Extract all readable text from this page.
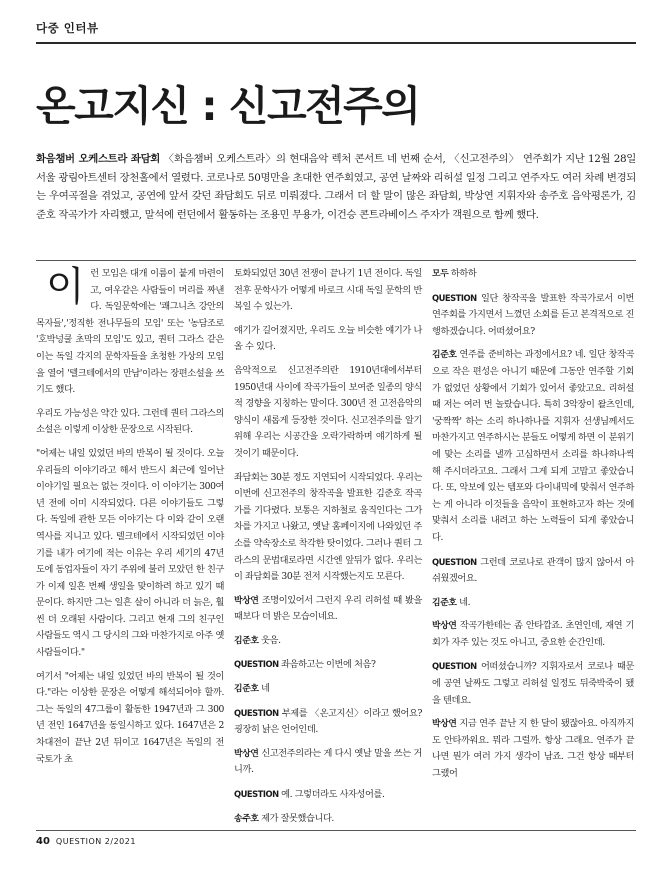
다중 인터뷰
온고지신 : 신고전주의
화음챔버 오케스트라 좌담회 〈화음챔버 오케스트라〉의 현대음악 렉처 콘서트 네 번째 순서, 〈신고전주의〉 연주회가 지난 12월 28일 서울 광림아트센터 장천홀에서 열렸다. 코로나로 50명만을 초대한 연주회였고, 공연 날짜와 리허설 일정 그리고 연주자도 여러 차례 변경되는 우여곡절을 겪었고, 공연에 앞서 갖던 좌담회도 뒤로 미뤄졌다. 그래서 더 할 말이 많은 좌담회, 박상연 지휘자와 송주호 음악평론가, 김준호 작곡가가 자리했고, 말석에 런던에서 활동하는 조용민 무용가, 이건승 콘트라베이스 주자가 객원으로 함께 했다.

이런 모임은 대개 이름이 붙게 마련이고, 여우같은 사람들이 머리를 짜낸다. 독일문학에는 '쾌그니츠 강안의 목자들','정직한 전나무들의 모임' 또는 '농담조로 '호박넝쿨 초막의 모임'도 있고, 퀀터 그라스 같은 이는 독일 각지의 문학자들을 초청한 가상의 모임을 열어 '텔크테에서의 만남'이라는 장편소설을 쓰기도 했다.

우리도 가능성은 약간 있다. 그런데 퀀터 그라스의 소설은 이렇게 이상한 문장으로 시작된다.

"어제는 내일 있었던 바의 반복이 될 것이다. 오늘 우리들의 이야기라고 해서 반드시 최근에 일어난 이야기일 필요는 없는 것이다. 이 이야기는 300여 년 전에 이미 시작되었다. 다른 이야기들도 그렇다. 독일에 관한 모든 이야기는 다 이와 같이 오랜 역사를 지니고 있다. 텔크테에서 시작되었던 이야기를 내가 여기에 적는 이유는 우리 세기의 47년도에 동업자들이 자기 주위에 불러 모았던 한 친구가 이제 일흔 번째 생일을 맞이하려 하고 있기 때문이다. 하지만 그는 일흔 살이 아니라 더 늙은, 훨씬 더 오래된 사람이다. 그리고 현재 그의 친구인 사람들도 역시 그 당시의 그와 마찬가지로 아주 옛 사람들이다."

여기서 "어제는 내일 있었던 바의 반복이 될 것이다."라는 이상한 문장은 어떻게 해석되어야 할까. 그는 독일의 47그룹이 활동한 1947년과 그 300년 전인 1647년을 동일시하고 있다. 1647년은 2차대전이 끝난 2년 뒤이고 1647년은 독일의 전 국토가 초

토화되었던 30년 전쟁이 끝나기 1년 전이다. 독일 전후 문학사가 어떻게 바로크 시대 독일 문학의 반복일 수 있는가.

얘기가 길어졌지만, 우리도 오늘 비슷한 얘기가 나올 수 있다.

음악적으로 신고전주의란 1910년대에서부터 1950년대 사이에 작곡가들이 보여준 일종의 양식적 경향을 지칭하는 말이다. 300년 전 고전음악의 양식이 새롭게 등장한 것이다. 신고전주의를 알기 위해 우리는 시공간을 오락가락하며 얘기하게 될 것이기 때문이다.

좌담회는 30분 정도 지연되어 시작되었다. 우리는 이번에 신고전주의 창작곡을 발표한 김준호 작곡가를 기다렸다. 보통은 지하철로 움직인다는 그가 차를 가지고 나왔고, 옛날 홈페이지에 나와있던 주소를 약속장소로 착각한 탓이었다. 그러나 퀀터 그라스의 문법대로라면 시간엔 앞뒤가 없다. 우리는 이 좌담회를 30분 전저 시작했는지도 모른다.

박상연 조명이있어서 그런지 우리 리허설 때 봤을 때보다 더 밝은 모습이네요.

김준호 웃음.

QUESTION 좌음하고는 이번에 처음?

김준호 네

QUESTION 부제를 〈온고지신〉이라고 했어요? 굉장히 낡은 언어인데.

박상연 신고전주의라는 게 다시 옛날 말을 쓰는 거니까.

QUESTION 예. 그렇더라도 사자성어를.

송주호 제가 잘못했습니다.

모두 하하하

QUESTION 일단 창작곡을 발표한 작곡가로서 이번 연주회를 가지면서 느꼈던 소회를 듣고 본격적으로 진행하겠습니다. 어떠셨어요?

김준호 연주를 준비하는 과정에서요? 네. 일단 창작곡으로 작은 편성은 아니기 때문에 그동안 연주할 기회가 없었던 상황에서 기회가 있어서 좋았고요. 리허설 때 저는 여러 번 놀랐습니다. 특히 3악장이 왈츠인데, '궁짝짝' 하는 소리 하나하나를 지휘자 선생님께서도 마찬가지고 연주하시는 분들도 어떻게 하면 이 분위기에 맞는 소리를 낼까 고심하면서 소리를 하나하나씩 해 주시더라고요. 그래서 그게 되게 고맙고 좋았습니다. 또, 악보에 있는 템포와 다이내믹에 맞춰서 연주하는 게 아니라 이것들을 음악이 표현하고자 하는 것에 맞춰서 소리를 내려고 하는 노력들이 되게 좋았습니다.

QUESTION 그런데 코로나로 관객이 많지 않아서 아쉬웠겠어요.

김준호 네.

박상연 작곡가한테는 좀 안타깝죠. 초연인데, 재연 기회가 자주 있는 것도 아니고, 중요한 순간인데.

QUESTION 어떠셨습니까? 지휘자로서 코로나 때문에 공연 날짜도 그렇고 리허설 일정도 뒤죽박죽이 됐을 텐데요.

박상연 지금 연주 끝난 지 한 달이 됐잖아요. 아직까지도 안타까워요. 뭐라 그럴까. 항상 그래요. 연주가 끝나면 뭔가 여러 가지 생각이 남죠. 그건 항상 때부터 그랬어

40 QUESTION 2/2021
